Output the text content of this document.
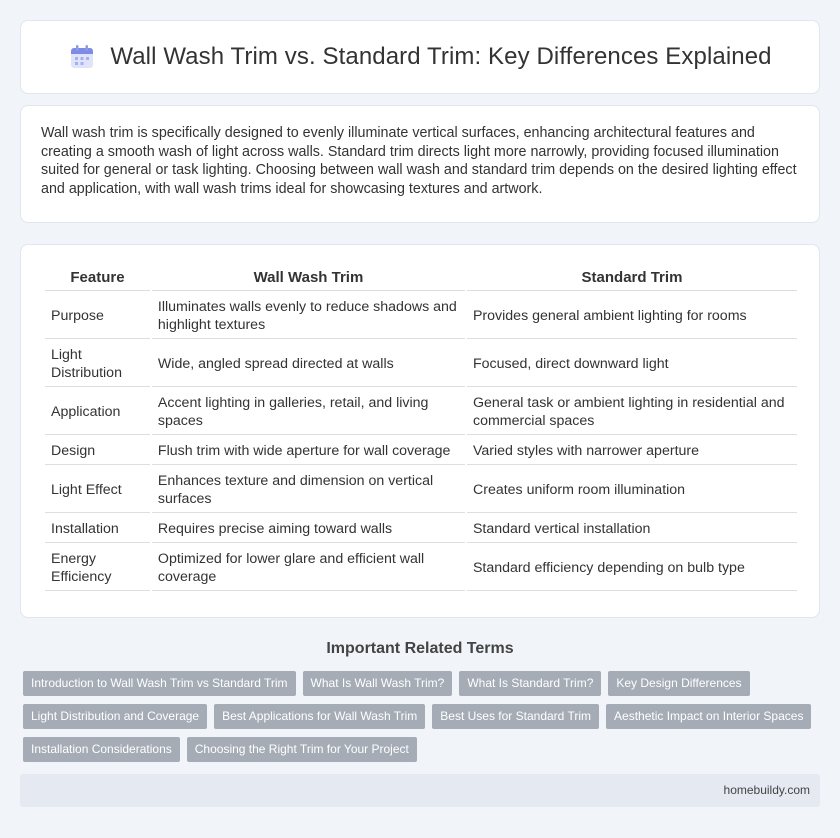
Wall Wash Trim vs. Standard Trim: Key Differences Explained

Wall wash trim is specifically designed to evenly illuminate vertical surfaces, enhancing architectural features and creating a smooth wash of light across walls. Standard trim directs light more narrowly, providing focused illumination suited for general or task lighting. Choosing between wall wash and standard trim depends on the desired lighting effect and application, with wall wash trims ideal for showcasing textures and artwork.

Feature	Wall Wash Trim	Standard Trim
Purpose	Illuminates walls evenly to reduce shadows and highlight textures	Provides general ambient lighting for rooms
Light Distribution	Wide, angled spread directed at walls	Focused, direct downward light
Application	Accent lighting in galleries, retail, and living spaces	General task or ambient lighting in residential and commercial spaces
Design	Flush trim with wide aperture for wall coverage	Varied styles with narrower aperture
Light Effect	Enhances texture and dimension on vertical surfaces	Creates uniform room illumination
Installation	Requires precise aiming toward walls	Standard vertical installation
Energy Efficiency	Optimized for lower glare and efficient wall coverage	Standard efficiency depending on bulb type
Important Related Terms
Introduction to Wall Wash Trim vs Standard Trim	What Is Wall Wash Trim?	What Is Standard Trim?	Key Design Differences
Light Distribution and Coverage	Best Applications for Wall Wash Trim	Best Uses for Standard Trim	Aesthetic Impact on Interior Spaces
Installation Considerations	Choosing the Right Trim for Your Project
homebuildy.com
